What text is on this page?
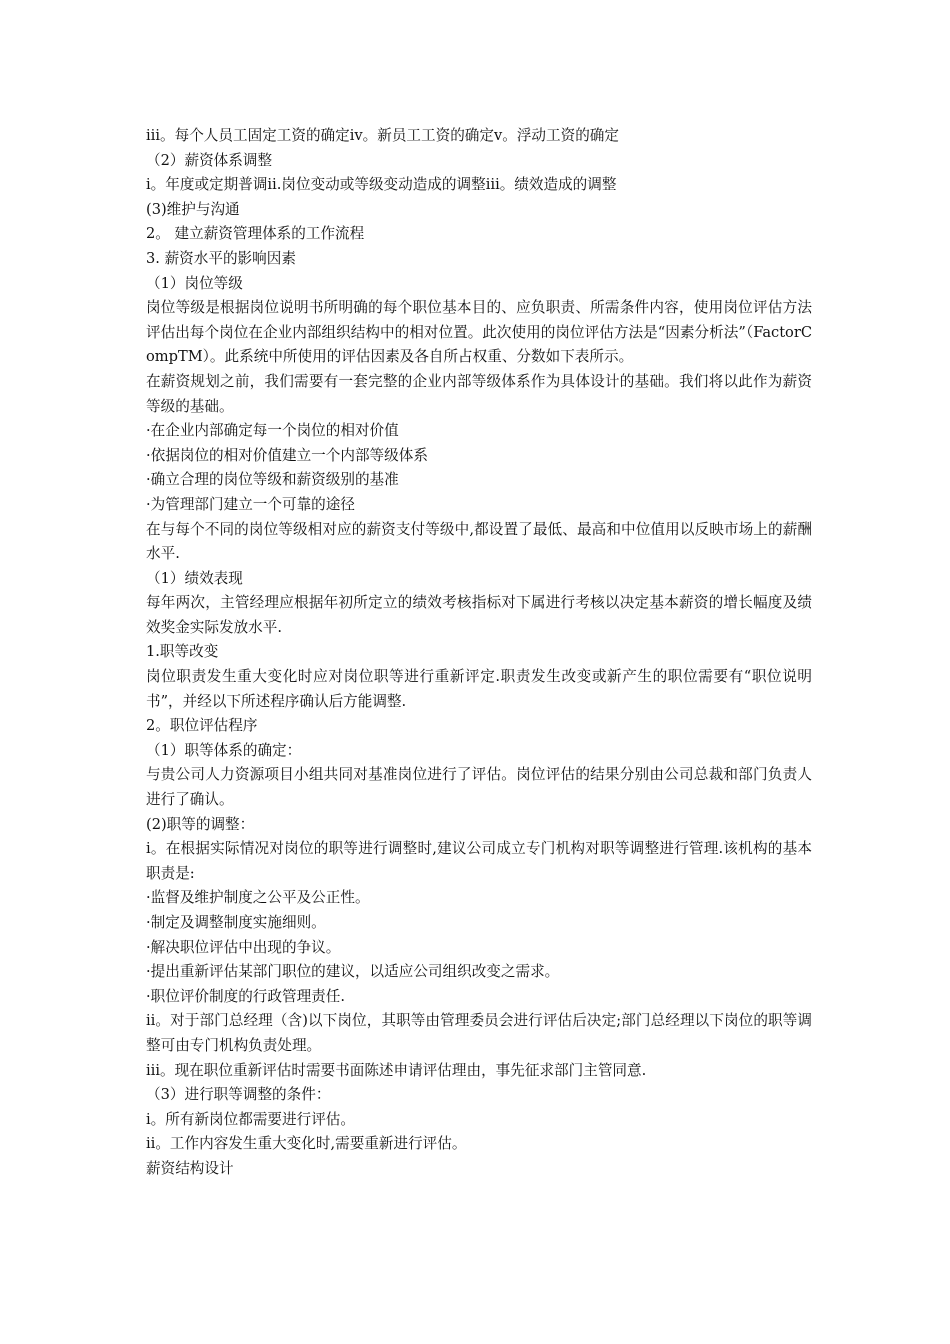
ⅲ。每个人员工固定工资的确定ⅳ。新员工工资的确定ⅴ。浮动工资的确定
（2）薪资体系调整
ⅰ。年度或定期普调ⅱ.岗位变动或等级变动造成的调整ⅲ。绩效造成的调整
(3)维护与沟通
2。 建立薪资管理体系的工作流程
3. 薪资水平的影响因素
（1）岗位等级
岗位等级是根据岗位说明书所明确的每个职位基本目的、应负职责、所需条件内容，使用岗位评估方法评估出每个岗位在企业内部组织结构中的相对位置。此次使用的岗位评估方法是“因素分析法”（FactorCompTM）。此系统中所使用的评估因素及各自所占权重、分数如下表所示。
在薪资规划之前，我们需要有一套完整的企业内部等级体系作为具体设计的基础。我们将以此作为薪资等级的基础。
·在企业内部确定每一个岗位的相对价值
·依据岗位的相对价值建立一个内部等级体系
·确立合理的岗位等级和薪资级别的基准
·为管理部门建立一个可靠的途径
在与每个不同的岗位等级相对应的薪资支付等级中,都设置了最低、最高和中位值用以反映市场上的薪酬水平.
（1）绩效表现
每年两次，主管经理应根据年初所定立的绩效考核指标对下属进行考核以决定基本薪资的增长幅度及绩效奖金实际发放水平.
1.职等改变
岗位职责发生重大变化时应对岗位职等进行重新评定.职责发生改变或新产生的职位需要有“职位说明书”，并经以下所述程序确认后方能调整.
2。职位评估程序
（1）职等体系的确定：
与贵公司人力资源项目小组共同对基准岗位进行了评估。岗位评估的结果分别由公司总裁和部门负责人进行了确认。
(2)职等的调整：
ⅰ。在根据实际情况对岗位的职等进行调整时,建议公司成立专门机构对职等调整进行管理.该机构的基本职责是:
·监督及维护制度之公平及公正性。
·制定及调整制度实施细则。
·解决职位评估中出现的争议。
·提出重新评估某部门职位的建议，以适应公司组织改变之需求。
·职位评价制度的行政管理责任.
ⅱ。对于部门总经理（含)以下岗位，其职等由管理委员会进行评估后决定;部门总经理以下岗位的职等调整可由专门机构负责处理。
ⅲ。现在职位重新评估时需要书面陈述申请评估理由，事先征求部门主管同意.
（3）进行职等调整的条件：
ⅰ。所有新岗位都需要进行评估。
ⅱ。工作内容发生重大变化时,需要重新进行评估。
薪资结构设计
